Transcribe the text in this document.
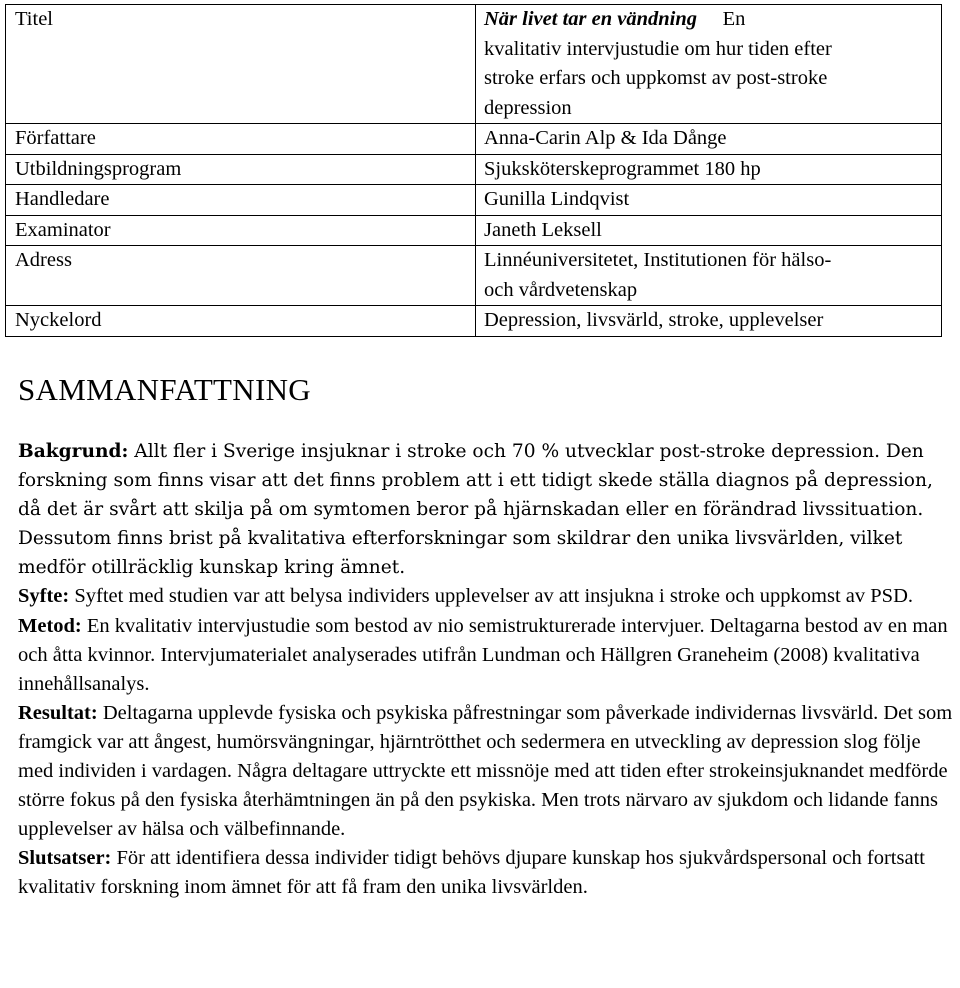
Titel	När livet tar en vändning En
kvalitativ intervjustudie om hur tiden efter
stroke erfars och uppkomst av post-stroke
depression

Författare	Anna-Carin Alp & Ida Dånge
Utbildningsprogram	Sjuksköterskeprogrammet 180 hp
Handledare	Gunilla Lindqvist
Examinator	Janeth Leksell
Adress	Linnéuniversitetet, Institutionen för hälso-
och vårdvetenskap

Nyckelord	Depression, livsvärld, stroke, upplevelser
SAMMANFATTNING

Bakgrund: Allt fler i Sverige insjuknar i stroke och 70 % utvecklar post-stroke depression. Den forskning som finns visar att det finns problem att i ett tidigt skede ställa diagnos på depression, då det är svårt att skilja på om symtomen beror på hjärnskadan eller en förändrad livssituation. Dessutom finns brist på kvalitativa efterforskningar som skildrar den unika livsvärlden, vilket medför otillräcklig kunskap kring ämnet.

Syfte: Syftet med studien var att belysa individers upplevelser av att insjukna i stroke och uppkomst av PSD.

Metod: En kvalitativ intervjustudie som bestod av nio semistrukturerade intervjuer. Deltagarna bestod av en man och åtta kvinnor. Intervjumaterialet analyserades utifrån Lundman och Hällgren Graneheim (2008) kvalitativa innehållsanalys.

Resultat: Deltagarna upplevde fysiska och psykiska påfrestningar som påverkade individernas livsvärld. Det som framgick var att ångest, humörsvängningar, hjärntrötthet och sedermera en utveckling av depression slog följe med individen i vardagen. Några deltagare uttryckte ett missnöje med att tiden efter strokeinsjuknandet medförde större fokus på den fysiska återhämtningen än på den psykiska. Men trots närvaro av sjukdom och lidande fanns upplevelser av hälsa och välbefinnande.

Slutsatser: För att identifiera dessa individer tidigt behövs djupare kunskap hos sjukvårdspersonal och fortsatt kvalitativ forskning inom ämnet för att få fram den unika livsvärlden.
